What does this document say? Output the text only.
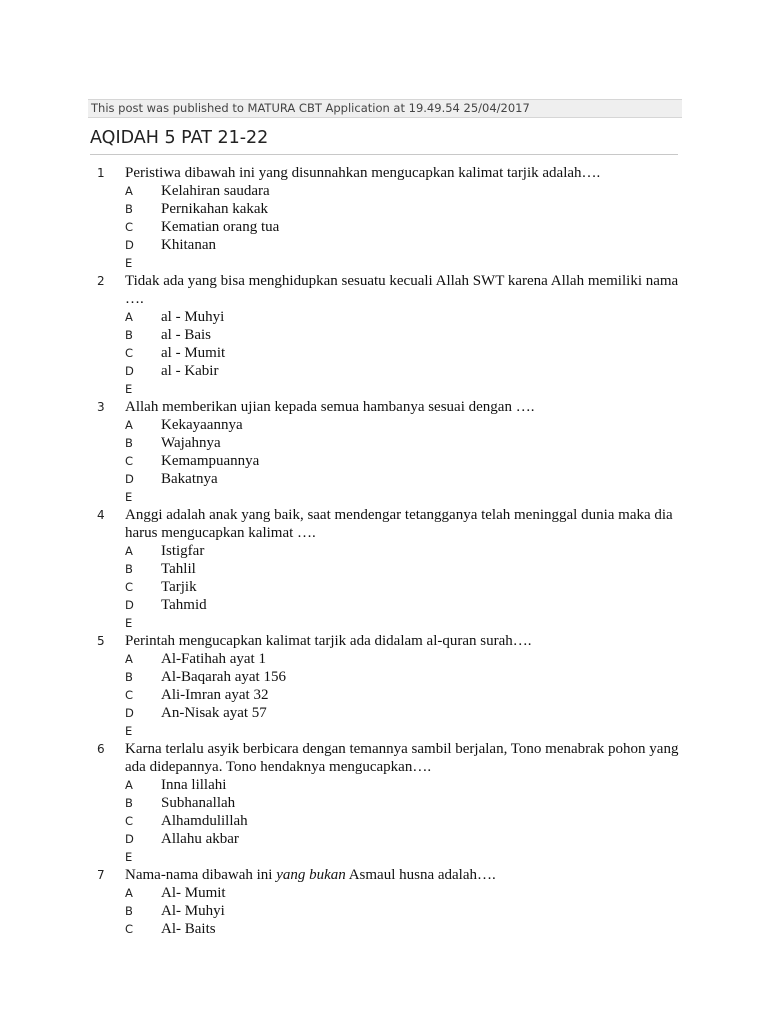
This post was published to MATURA CBT Application at 19.49.54 25/04/2017
AQIDAH 5 PAT 21-22
1 Peristiwa dibawah ini yang disunnahkan mengucapkan kalimat tarjik adalah….
A Kelahiran saudara
B Pernikahan kakak
C Kematian orang tua
D Khitanan
E
2 Tidak ada yang bisa menghidupkan sesuatu kecuali Allah SWT karena Allah memiliki nama ….
A al - Muhyi
B al - Bais
C al - Mumit
D al - Kabir
E
3 Allah memberikan ujian kepada semua hambanya sesuai dengan ….
A Kekayaannya
B Wajahnya
C Kemampuannya
D Bakatnya
E
4 Anggi adalah anak yang baik, saat mendengar tetangganya telah meninggal dunia maka dia harus mengucapkan kalimat ….
A Istigfar
B Tahlil
C Tarjik
D Tahmid
E
5 Perintah mengucapkan kalimat tarjik ada didalam al-quran surah….
A Al-Fatihah ayat 1
B Al-Baqarah ayat 156
C Ali-Imran ayat 32
D An-Nisak ayat 57
E
6 Karna terlalu asyik berbicara dengan temannya sambil berjalan, Tono menabrak pohon yang ada didepannya. Tono hendaknya mengucapkan….
A Inna lillahi
B Subhanallah
C Alhamdulillah
D Allahu akbar
E
7 Nama-nama dibawah ini yang bukan Asmaul husna adalah….
A Al- Mumit
B Al- Muhyi
C Al- Baits
